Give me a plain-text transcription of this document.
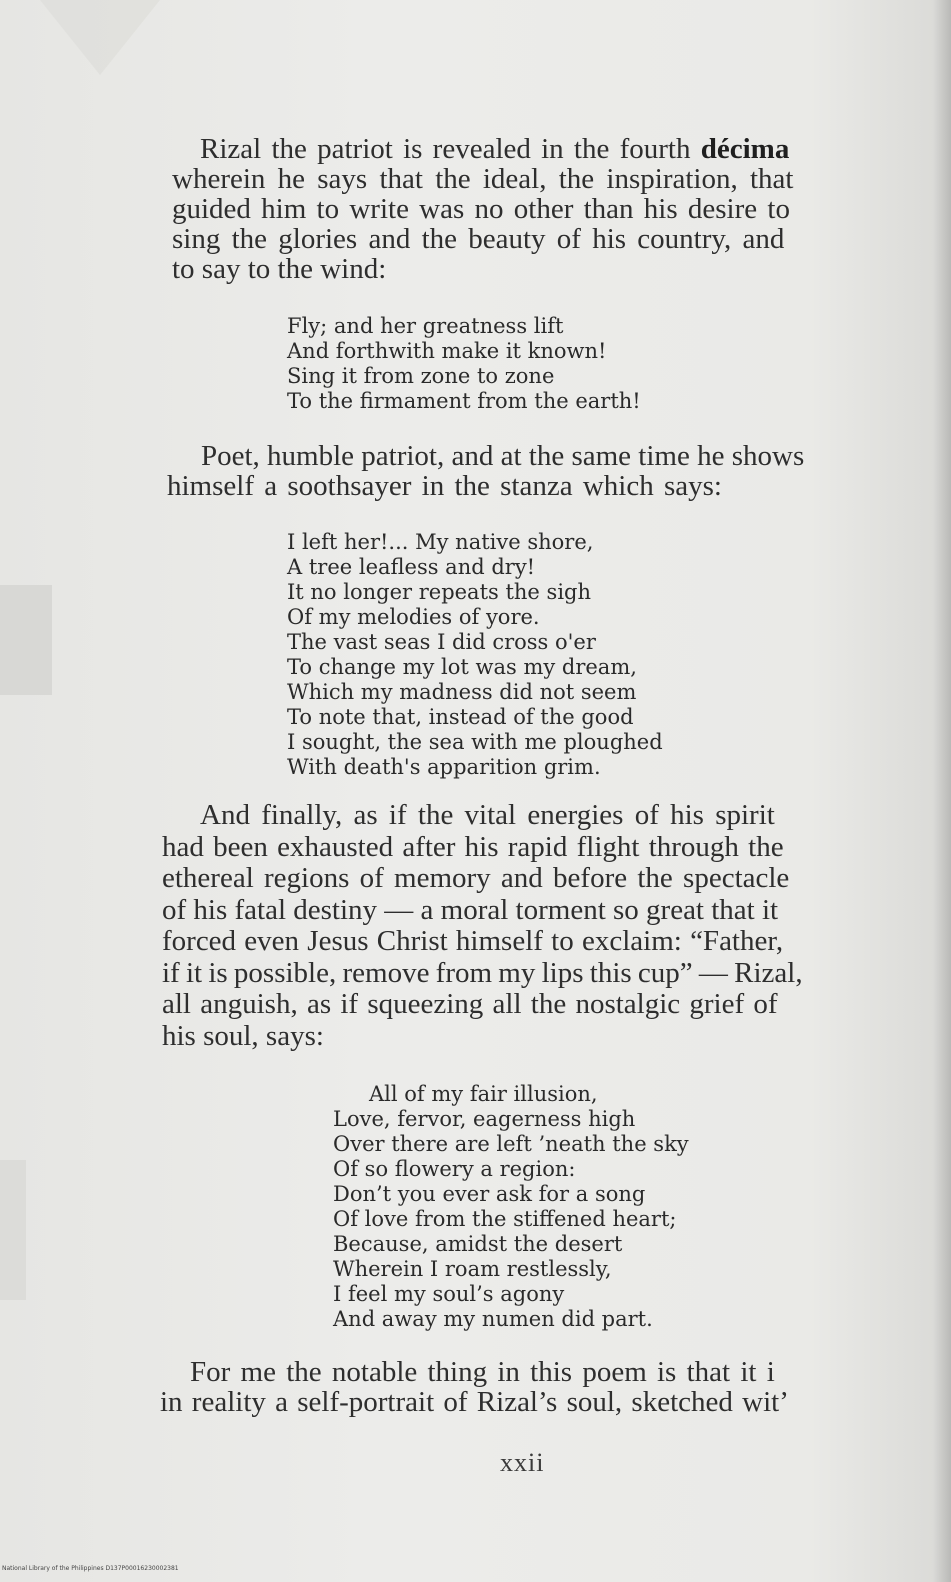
Rizal the patriot is revealed in the fourth décima
wherein he says that the ideal, the inspiration, that
guided him to write was no other than his desire to
sing the glories and the beauty of his country, and
to say to the wind:
Fly; and her greatness lift
And forthwith make it known!
Sing it from zone to zone
To the firmament from the earth!
Poet, humble patriot, and at the same time he shows
himself a soothsayer in the stanza which says:
I left her!... My native shore,
A tree leafless and dry!
It no longer repeats the sigh
Of my melodies of yore.
The vast seas I did cross o'er
To change my lot was my dream,
Which my madness did not seem
To note that, instead of the good
I sought, the sea with me ploughed
With death's apparition grim.
And finally, as if the vital energies of his spirit
had been exhausted after his rapid flight through the
ethereal regions of memory and before the spectacle
of his fatal destiny — a moral torment so great that it
forced even Jesus Christ himself to exclaim: “Father,
if it is possible, remove from my lips this cup” — Rizal,
all anguish, as if squeezing all the nostalgic grief of
his soul, says:
All of my fair illusion,
Love, fervor, eagerness high
Over there are left ’neath the sky
Of so flowery a region:
Don’t you ever ask for a song
Of love from the stiffened heart;
Because, amidst the desert
Wherein I roam restlessly,
I feel my soul’s agony
And away my numen did part.
For me the notable thing in this poem is that it i
in reality a self-portrait of Rizal’s soul, sketched wit’
xxii
National Library of the Philippines D137P00016230002381
